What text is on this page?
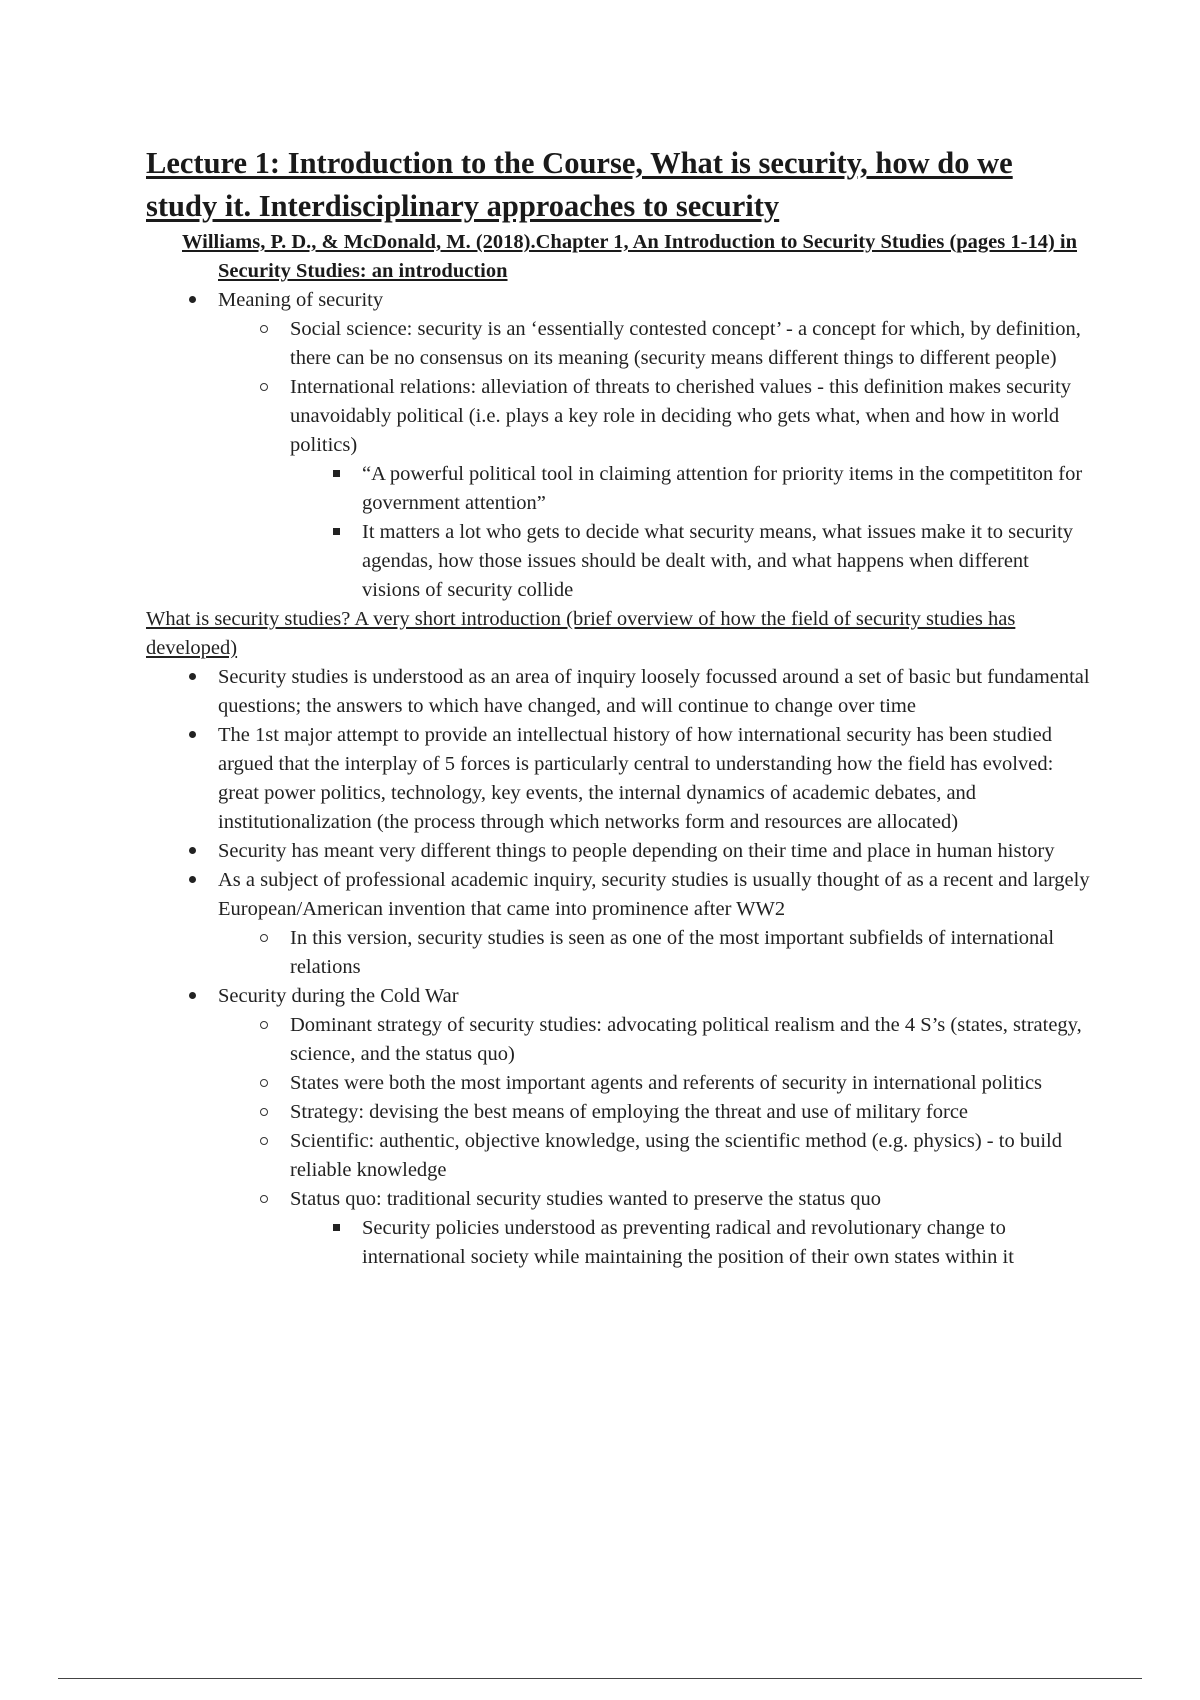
Lecture 1: Introduction to the Course, What is security, how do we study it. Interdisciplinary approaches to security

Williams, P. D., & McDonald, M. (2018).Chapter 1, An Introduction to Security Studies (pages 1-14) in Security Studies: an introduction

Meaning of security
Social science: security is an ‘essentially contested concept’ - a concept for which, by definition, there can be no consensus on its meaning (security means different things to different people)
International relations: alleviation of threats to cherished values - this definition makes security unavoidably political (i.e. plays a key role in deciding who gets what, when and how in world politics)
“A powerful political tool in claiming attention for priority items in the competititon for government attention”
It matters a lot who gets to decide what security means, what issues make it to security agendas, how those issues should be dealt with, and what happens when different visions of security collide

What is security studies? A very short introduction (brief overview of how the field of security studies has developed)

Security studies is understood as an area of inquiry loosely focussed around a set of basic but fundamental questions; the answers to which have changed, and will continue to change over time
The 1st major attempt to provide an intellectual history of how international security has been studied argued that the interplay of 5 forces is particularly central to understanding how the field has evolved: great power politics, technology, key events, the internal dynamics of academic debates, and institutionalization (the process through which networks form and resources are allocated)
Security has meant very different things to people depending on their time and place in human history
As a subject of professional academic inquiry, security studies is usually thought of as a recent and largely European/American invention that came into prominence after WW2
In this version, security studies is seen as one of the most important subfields of international relations
Security during the Cold War
Dominant strategy of security studies: advocating political realism and the 4 S’s (states, strategy, science, and the status quo)
States were both the most important agents and referents of security in international politics
Strategy: devising the best means of employing the threat and use of military force
Scientific: authentic, objective knowledge, using the scientific method (e.g. physics) - to build reliable knowledge
Status quo: traditional security studies wanted to preserve the status quo
Security policies understood as preventing radical and revolutionary change to international society while maintaining the position of their own states within it
